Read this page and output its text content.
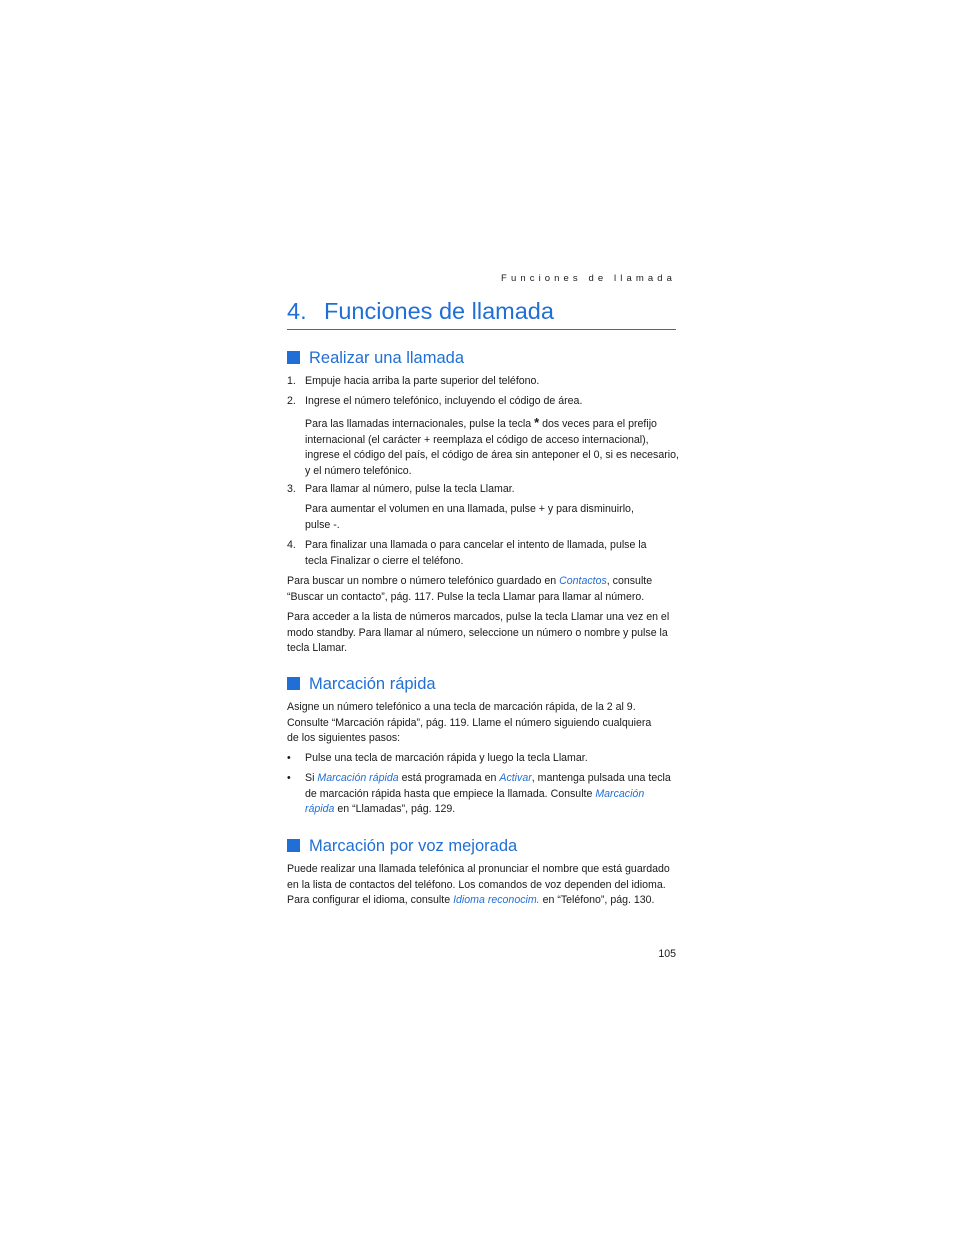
Funciones de llamada
4. Funciones de llamada
Realizar una llamada
1. Empuje hacia arriba la parte superior del teléfono.
2. Ingrese el número telefónico, incluyendo el código de área.
Para las llamadas internacionales, pulse la tecla * dos veces para el prefijo
internacional (el carácter + reemplaza el código de acceso internacional),
ingrese el código del país, el código de área sin anteponer el 0, si es necesario,
y el número telefónico.
3. Para llamar al número, pulse la tecla Llamar.
Para aumentar el volumen en una llamada, pulse + y para disminuirlo,
pulse -.
4. Para finalizar una llamada o para cancelar el intento de llamada, pulse la
tecla Finalizar o cierre el teléfono.
Para buscar un nombre o número telefónico guardado en Contactos, consulte
“Buscar un contacto”, pág. 117. Pulse la tecla Llamar para llamar al número.
Para acceder a la lista de números marcados, pulse la tecla Llamar una vez en el
modo standby. Para llamar al número, seleccione un número o nombre y pulse la
tecla Llamar.
Marcación rápida
Asigne un número telefónico a una tecla de marcación rápida, de la 2 al 9.
Consulte “Marcación rápida”, pág. 119. Llame el número siguiendo cualquiera
de los siguientes pasos:
• Pulse una tecla de marcación rápida y luego la tecla Llamar.
• Si Marcación rápida está programada en Activar, mantenga pulsada una tecla
de marcación rápida hasta que empiece la llamada. Consulte Marcación
rápida en “Llamadas”, pág. 129.
Marcación por voz mejorada
Puede realizar una llamada telefónica al pronunciar el nombre que está guardado
en la lista de contactos del teléfono. Los comandos de voz dependen del idioma.
Para configurar el idioma, consulte Idioma reconocim. en “Teléfono”, pág. 130.
105
